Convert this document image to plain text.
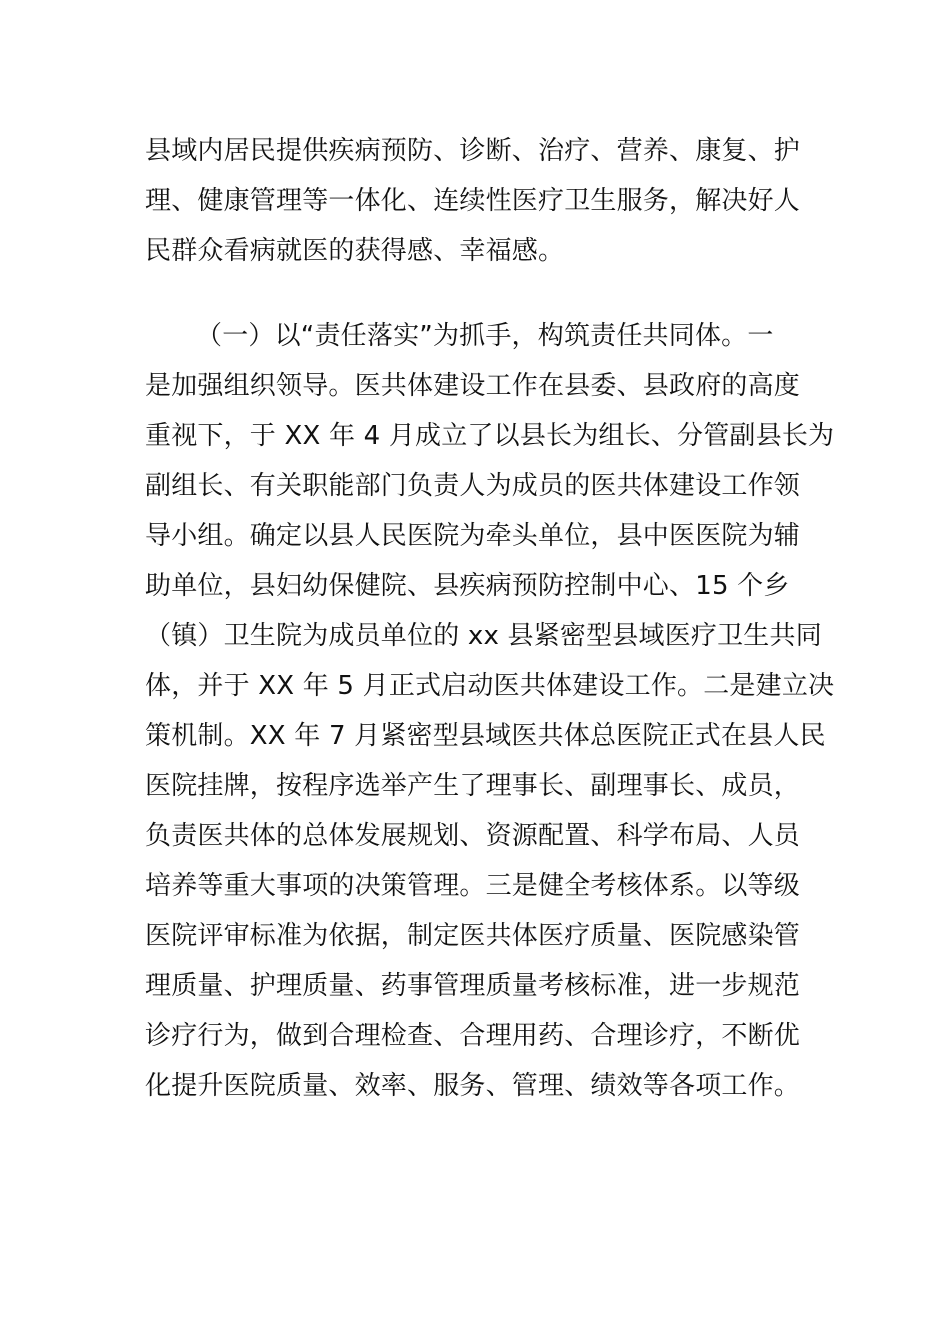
县域内居民提供疾病预防、诊断、治疗、营养、康复、护
理、健康管理等一体化、连续性医疗卫生服务，解决好人
民群众看病就医的获得感、幸福感。
（一）以“责任落实”为抓手，构筑责任共同体。一
是加强组织领导。医共体建设工作在县委、县政府的高度
重视下，于 XX 年 4 月成立了以县长为组长、分管副县长为
副组长、有关职能部门负责人为成员的医共体建设工作领
导小组。确定以县人民医院为牵头单位，县中医医院为辅
助单位，县妇幼保健院、县疾病预防控制中心、15 个乡
（镇）卫生院为成员单位的 xx 县紧密型县域医疗卫生共同
体，并于 XX 年 5 月正式启动医共体建设工作。二是建立决
策机制。XX 年 7 月紧密型县域医共体总医院正式在县人民
医院挂牌，按程序选举产生了理事长、副理事长、成员，
负责医共体的总体发展规划、资源配置、科学布局、人员
培养等重大事项的决策管理。三是健全考核体系。以等级
医院评审标准为依据，制定医共体医疗质量、医院感染管
理质量、护理质量、药事管理质量考核标准，进一步规范
诊疗行为，做到合理检查、合理用药、合理诊疗，不断优
化提升医院质量、效率、服务、管理、绩效等各项工作。
